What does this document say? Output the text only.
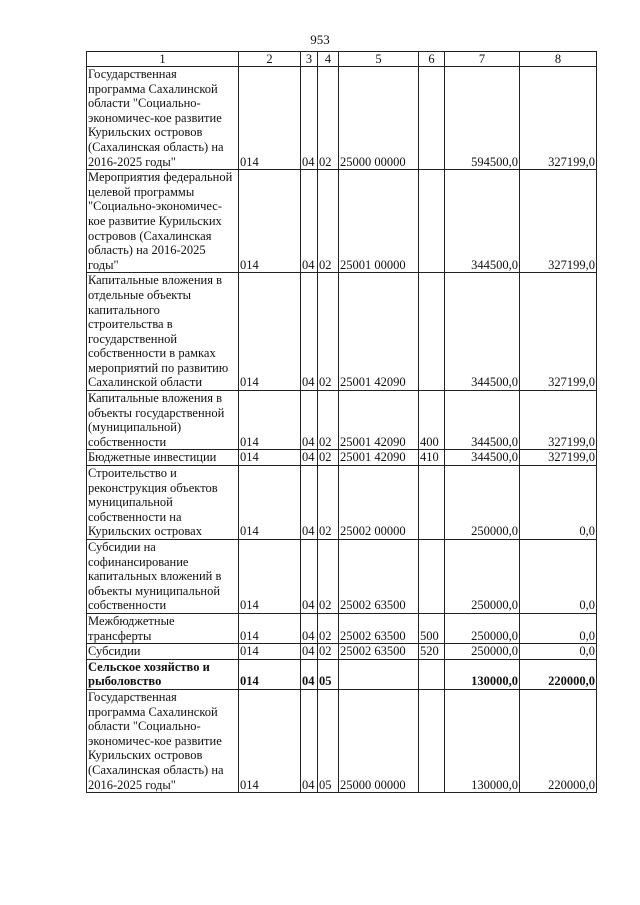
953
1	2	3	4	5	6	7	8
Государственная программа Сахалинской области "Социально-экономичес-кое развитие Курильских островов (Сахалинская область) на 2016-2025 годы"	014	04	02	25000 00000		594500,0	327199,0
Мероприятия федеральной целевой программы "Социально-экономичес-кое развитие Курильских островов (Сахалинская область) на 2016-2025 годы"	014	04	02	25001 00000		344500,0	327199,0
Капитальные вложения в отдельные объекты капитального строительства в государственной собственности в рамках мероприятий по развитию Сахалинской области	014	04	02	25001 42090		344500,0	327199,0
Капитальные вложения в объекты государственной (муниципальной) собственности	014	04	02	25001 42090	400	344500,0	327199,0
Бюджетные инвестиции	014	04	02	25001 42090	410	344500,0	327199,0
Строительство и реконструкция объектов муниципальной собственности на Курильских островах	014	04	02	25002 00000		250000,0	0,0
Субсидии на софинансирование капитальных вложений в объекты муниципальной собственности	014	04	02	25002 63500		250000,0	0,0
Межбюджетные трансферты	014	04	02	25002 63500	500	250000,0	0,0
Субсидии	014	04	02	25002 63500	520	250000,0	0,0
Сельское хозяйство и рыболовство	014	04	05			130000,0	220000,0
Государственная программа Сахалинской области "Социально-экономичес-кое развитие Курильских островов (Сахалинская область) на 2016-2025 годы"	014	04	05	25000 00000		130000,0	220000,0
